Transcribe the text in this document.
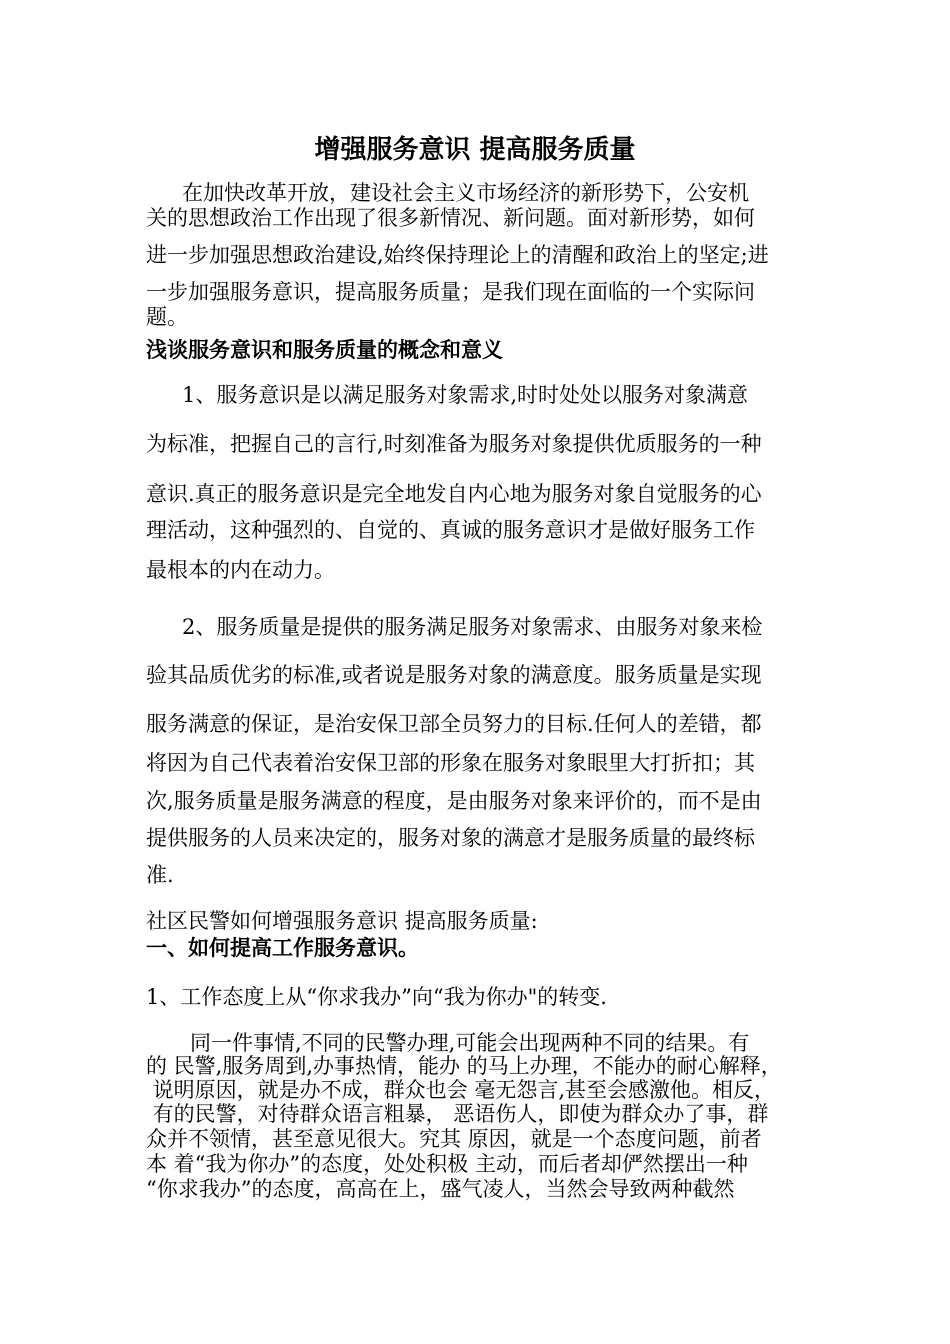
增强服务意识 提高服务质量
在加快改革开放，建设社会主义市场经济的新形势下，公安机
关的思想政治工作出现了很多新情况、新问题。面对新形势，如何
进一步加强思想政治建设,始终保持理论上的清醒和政治上的坚定;进
一步加强服务意识，提高服务质量；是我们现在面临的一个实际问
题。
浅谈服务意识和服务质量的概念和意义
1、服务意识是以满足服务对象需求,时时处处以服务对象满意
为标准，把握自己的言行,时刻准备为服务对象提供优质服务的一种
意识.真正的服务意识是完全地发自内心地为服务对象自觉服务的心
理活动，这种强烈的、自觉的、真诚的服务意识才是做好服务工作
最根本的内在动力。
2、服务质量是提供的服务满足服务对象需求、由服务对象来检
验其品质优劣的标准,或者说是服务对象的满意度。服务质量是实现
服务满意的保证，是治安保卫部全员努力的目标.任何人的差错，都
将因为自己代表着治安保卫部的形象在服务对象眼里大打折扣；其
次,服务质量是服务满意的程度，是由服务对象来评价的，而不是由
提供服务的人员来决定的，服务对象的满意才是服务质量的最终标
准.
社区民警如何增强服务意识 提高服务质量:
一、如何提高工作服务意识。
1、工作态度上从“你求我办”向“我为你办"的转变.
同一件事情,不同的民警办理,可能会出现两种不同的结果。有
的 民警,服务周到,办事热情，能办 的马上办理，不能办的耐心解释，
说明原因，就是办不成，群众也会 毫无怨言,甚至会感激他。相反，
有的民警，对待群众语言粗暴， 恶语伤人，即使为群众办了事，群
众并不领情，甚至意见很大。究其 原因，就是一个态度问题，前者
本 着“我为你办”的态度，处处积极 主动，而后者却俨然摆出一种
“你求我办”的态度，高高在上，盛气凌人，当然会导致两种截然
